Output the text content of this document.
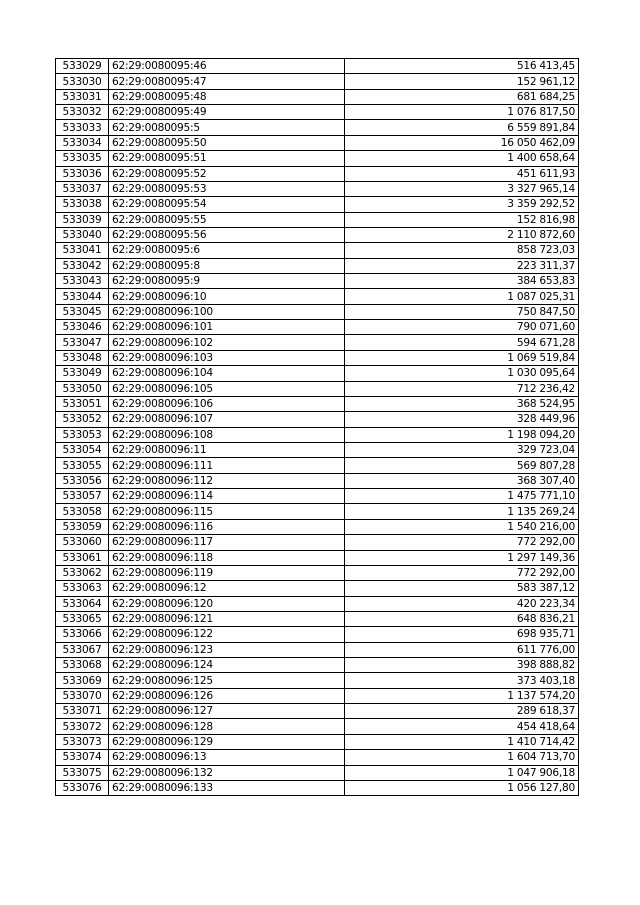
533029	62:29:0080095:46	516 413,45
533030	62:29:0080095:47	152 961,12
533031	62:29:0080095:48	681 684,25
533032	62:29:0080095:49	1 076 817,50
533033	62:29:0080095:5	6 559 891,84
533034	62:29:0080095:50	16 050 462,09
533035	62:29:0080095:51	1 400 658,64
533036	62:29:0080095:52	451 611,93
533037	62:29:0080095:53	3 327 965,14
533038	62:29:0080095:54	3 359 292,52
533039	62:29:0080095:55	152 816,98
533040	62:29:0080095:56	2 110 872,60
533041	62:29:0080095:6	858 723,03
533042	62:29:0080095:8	223 311,37
533043	62:29:0080095:9	384 653,83
533044	62:29:0080096:10	1 087 025,31
533045	62:29:0080096:100	750 847,50
533046	62:29:0080096:101	790 071,60
533047	62:29:0080096:102	594 671,28
533048	62:29:0080096:103	1 069 519,84
533049	62:29:0080096:104	1 030 095,64
533050	62:29:0080096:105	712 236,42
533051	62:29:0080096:106	368 524,95
533052	62:29:0080096:107	328 449,96
533053	62:29:0080096:108	1 198 094,20
533054	62:29:0080096:11	329 723,04
533055	62:29:0080096:111	569 807,28
533056	62:29:0080096:112	368 307,40
533057	62:29:0080096:114	1 475 771,10
533058	62:29:0080096:115	1 135 269,24
533059	62:29:0080096:116	1 540 216,00
533060	62:29:0080096:117	772 292,00
533061	62:29:0080096:118	1 297 149,36
533062	62:29:0080096:119	772 292,00
533063	62:29:0080096:12	583 387,12
533064	62:29:0080096:120	420 223,34
533065	62:29:0080096:121	648 836,21
533066	62:29:0080096:122	698 935,71
533067	62:29:0080096:123	611 776,00
533068	62:29:0080096:124	398 888,82
533069	62:29:0080096:125	373 403,18
533070	62:29:0080096:126	1 137 574,20
533071	62:29:0080096:127	289 618,37
533072	62:29:0080096:128	454 418,64
533073	62:29:0080096:129	1 410 714,42
533074	62:29:0080096:13	1 604 713,70
533075	62:29:0080096:132	1 047 906,18
533076	62:29:0080096:133	1 056 127,80
